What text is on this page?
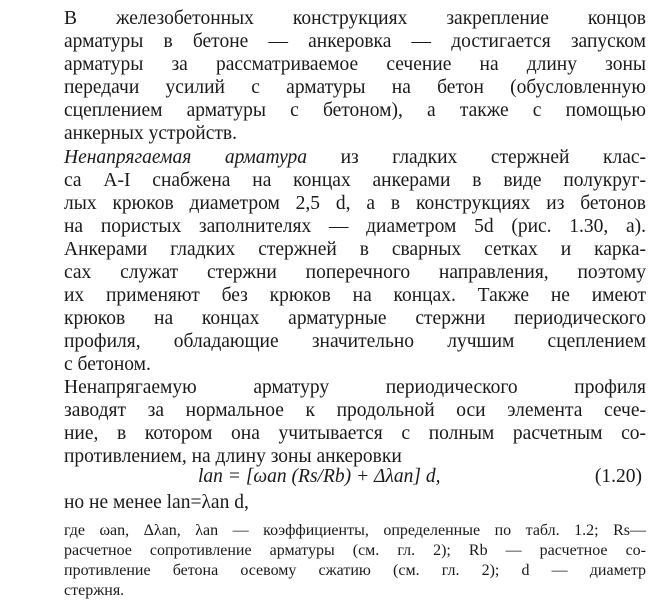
В железобетонных конструкциях закрепление концов
арматуры в бетоне — анкеровка — достигается запуском
арматуры за рассматриваемое сечение на длину зоны
передачи усилий с арматуры на бетон (обусловленную
сцеплением арматуры с бетоном), а также с помощью
анкерных устройств.
Ненапрягаемая арматура из гладких стержней клас-
са А-I снабжена на концах анкерами в виде полукруг-
лых крюков диаметром 2,5 d, а в конструкциях из бетонов
на пористых заполнителях — диаметром 5d (рис. 1.30, а).
Анкерами гладких стержней в сварных сетках и карка-
сах служат стержни поперечного направления, поэтому
их применяют без крюков на концах. Также не имеют
крюков на концах арматурные стержни периодического
профиля, обладающие значительно лучшим сцеплением
с бетоном.
Ненапрягаемую арматуру периодического профиля
заводят за нормальное к продольной оси элемента сече-
ние, в котором она учитывается с полным расчетным со-
противлением, на длину зоны анкеровки
lan = [ωan (Rs/Rb) + Δλan] d,	(1.20)
но не менее lan=λan d,
где ωan, Δλan, λan — коэффициенты, определенные по табл. 1.2; Rs—
расчетное сопротивление арматуры (см. гл. 2); Rb — расчетное со-
противление бетона осевому сжатию (см. гл. 2); d — диаметр
стержня.
